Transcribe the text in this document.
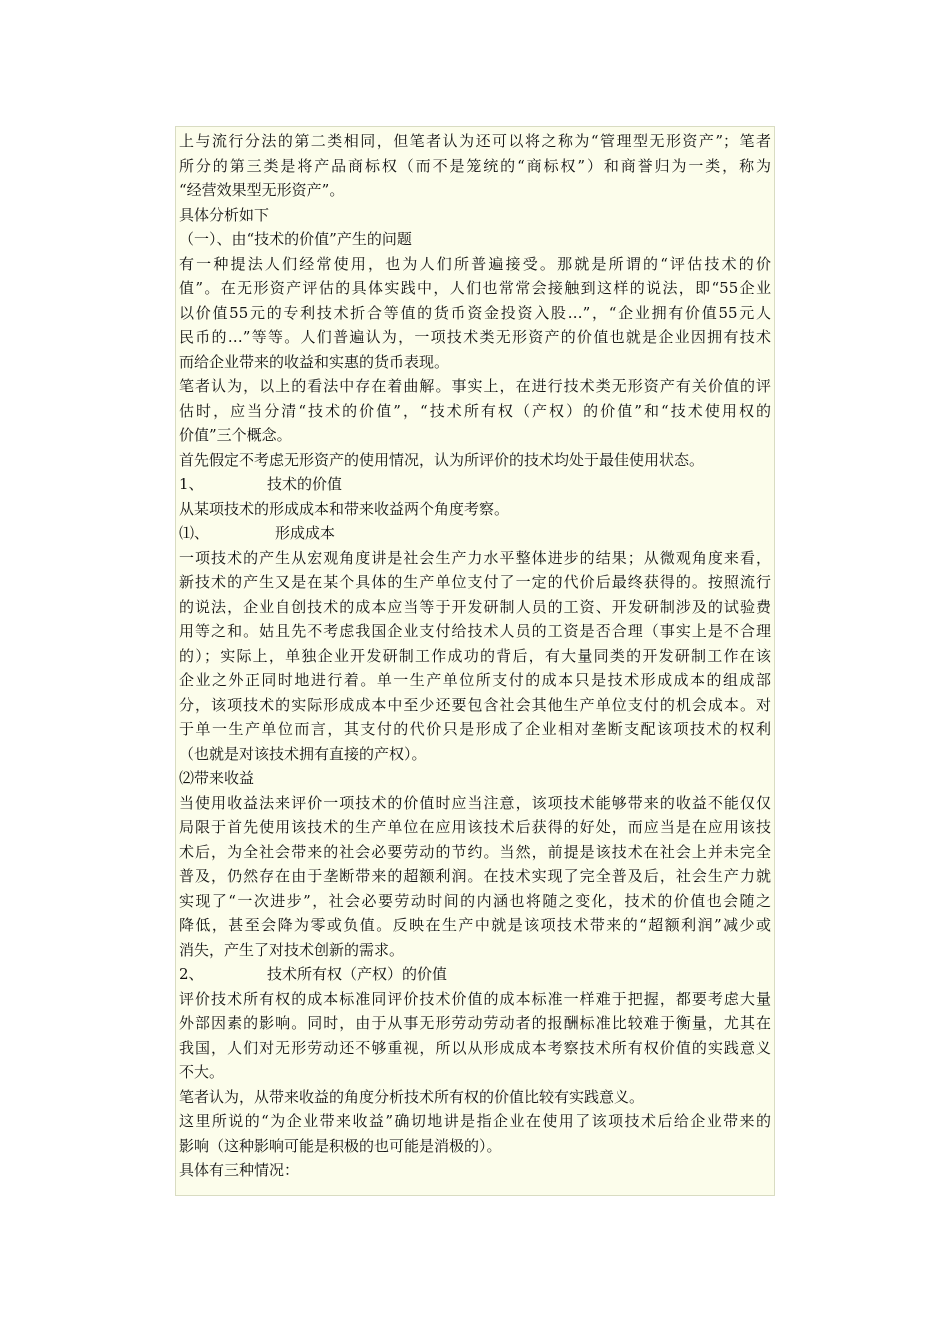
上与流行分法的第二类相同，但笔者认为还可以将之称为“管理型无形资产”；笔者
所分的第三类是将产品商标权（而不是笼统的“商标权”）和商誉归为一类，称为
“经营效果型无形资产”。
具体分析如下
（一）、由“技术的价值”产生的问题
有一种提法人们经常使用，也为人们所普遍接受。那就是所谓的“评估技术的价
值”。在无形资产评估的具体实践中，人们也常常会接触到这样的说法，即“55企业
以价值55元的专利技术折合等值的货币资金投资入股…”，“企业拥有价值55元人
民币的…”等等。人们普遍认为，一项技术类无形资产的价值也就是企业因拥有技术
而给企业带来的收益和实惠的货币表现。
笔者认为，以上的看法中存在着曲解。事实上，在进行技术类无形资产有关价值的评
估时，应当分清“技术的价值”，“技术所有权（产权）的价值”和“技术使用权的
价值”三个概念。
首先假定不考虑无形资产的使用情况，认为所评价的技术均处于最佳使用状态。
1、	技术的价值
从某项技术的形成成本和带来收益两个角度考察。
⑴、	形成成本
一项技术的产生从宏观角度讲是社会生产力水平整体进步的结果；从微观角度来看，
新技术的产生又是在某个具体的生产单位支付了一定的代价后最终获得的。按照流行
的说法，企业自创技术的成本应当等于开发研制人员的工资、开发研制涉及的试验费
用等之和。姑且先不考虑我国企业支付给技术人员的工资是否合理（事实上是不合理
的）；实际上，单独企业开发研制工作成功的背后，有大量同类的开发研制工作在该
企业之外正同时地进行着。单一生产单位所支付的成本只是技术形成成本的组成部
分，该项技术的实际形成成本中至少还要包含社会其他生产单位支付的机会成本。对
于单一生产单位而言，其支付的代价只是形成了企业相对垄断支配该项技术的权利
（也就是对该技术拥有直接的产权）。
⑵带来收益
当使用收益法来评价一项技术的价值时应当注意，该项技术能够带来的收益不能仅仅
局限于首先使用该技术的生产单位在应用该技术后获得的好处，而应当是在应用该技
术后，为全社会带来的社会必要劳动的节约。当然，前提是该技术在社会上并未完全
普及，仍然存在由于垄断带来的超额利润。在技术实现了完全普及后，社会生产力就
实现了“一次进步”，社会必要劳动时间的内涵也将随之变化，技术的价值也会随之
降低，甚至会降为零或负值。反映在生产中就是该项技术带来的“超额利润”减少或
消失，产生了对技术创新的需求。
2、	技术所有权（产权）的价值
评价技术所有权的成本标准同评价技术价值的成本标准一样难于把握，都要考虑大量
外部因素的影响。同时，由于从事无形劳动劳动者的报酬标准比较难于衡量，尤其在
我国，人们对无形劳动还不够重视，所以从形成成本考察技术所有权价值的实践意义
不大。
笔者认为，从带来收益的角度分析技术所有权的价值比较有实践意义。
这里所说的“为企业带来收益”确切地讲是指企业在使用了该项技术后给企业带来的
影响（这种影响可能是积极的也可能是消极的）。
具体有三种情况：
